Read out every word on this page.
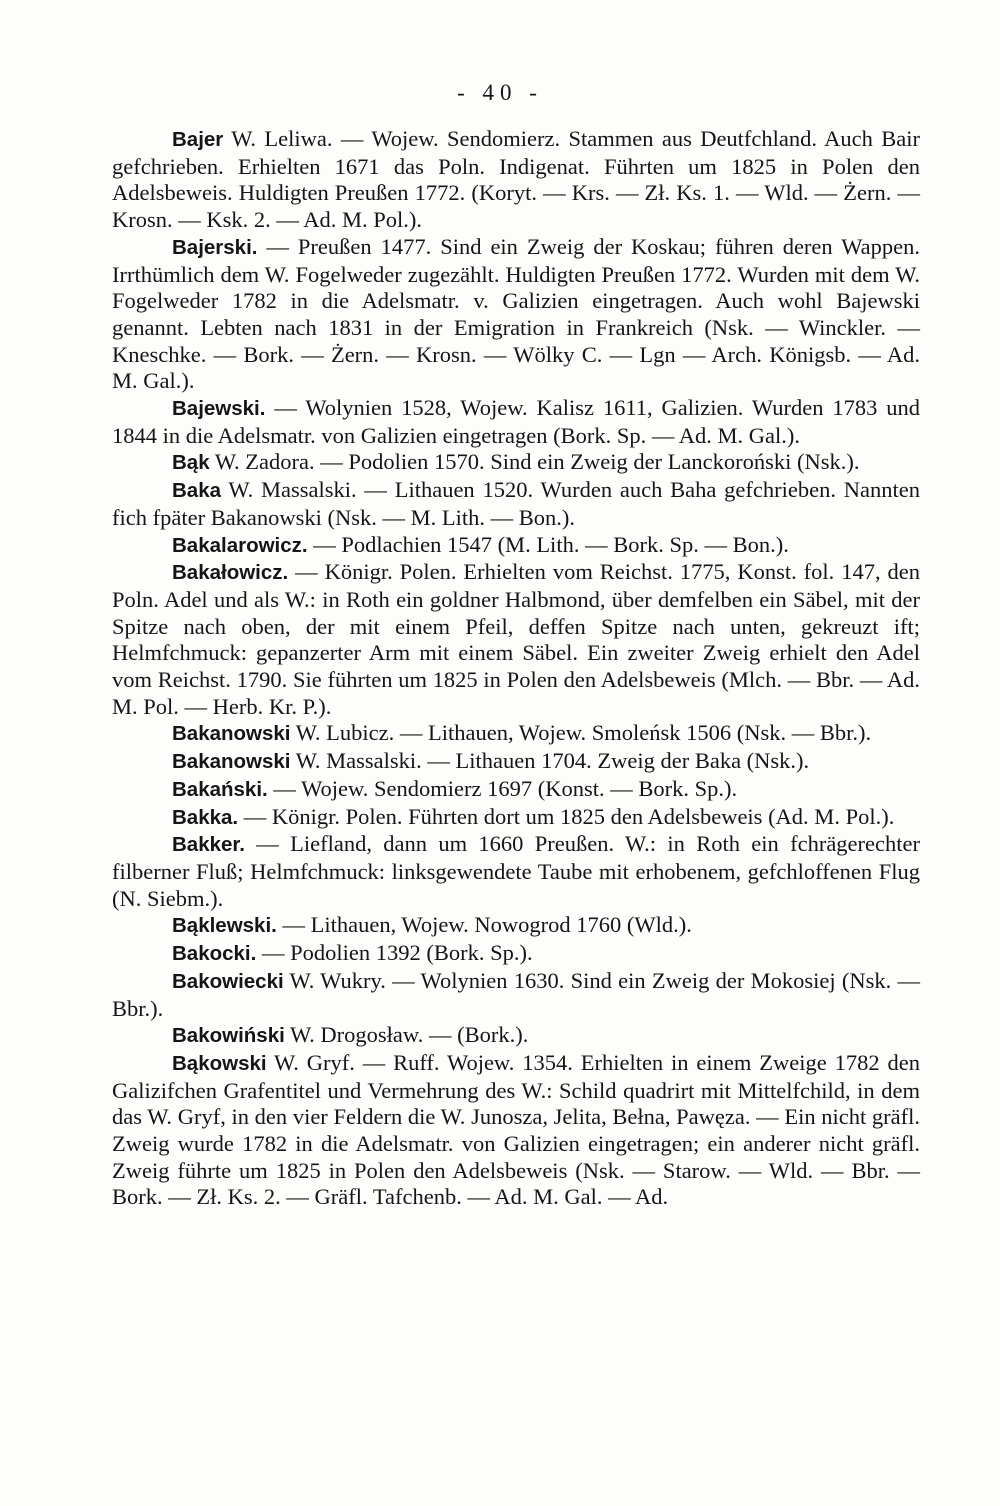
- 40 -

Bajer W. Leliwa. — Wojew. Sendomierz. Stammen aus Deutfchland. Auch Bair gefchrieben. Erhielten 1671 das Poln. Indigenat. Führten um 1825 in Polen den Adelsbeweis. Huldigten Preußen 1772. (Koryt. — Krs. — Zł. Ks. 1. — Wld. — Żern. — Krosn. — Ksk. 2. — Ad. M. Pol.).

Bajerski. — Preußen 1477. Sind ein Zweig der Koskau; führen deren Wappen. Irrthümlich dem W. Fogelweder zugezählt. Huldigten Preußen 1772. Wurden mit dem W. Fogelweder 1782 in die Adelsmatr. v. Galizien eingetragen. Auch wohl Bajewski genannt. Lebten nach 1831 in der Emigration in Frankreich (Nsk. — Winckler. — Kneschke. — Bork. — Żern. — Krosn. — Wölky C. — Lgn — Arch. Königsb. — Ad. M. Gal.).

Bajewski. — Wolynien 1528, Wojew. Kalisz 1611, Galizien. Wurden 1783 und 1844 in die Adelsmatr. von Galizien eingetragen (Bork. Sp. — Ad. M. Gal.).

Bąk W. Zadora. — Podolien 1570. Sind ein Zweig der Lanckoroński (Nsk.).

Baka W. Massalski. — Lithauen 1520. Wurden auch Baha gefchrieben. Nannten fich fpäter Bakanowski (Nsk. — M. Lith. — Bon.).

Bakalarowicz. — Podlachien 1547 (M. Lith. — Bork. Sp. — Bon.).

Bakałowicz. — Königr. Polen. Erhielten vom Reichst. 1775, Konst. fol. 147, den Poln. Adel und als W.: in Roth ein goldner Halbmond, über demfelben ein Säbel, mit der Spitze nach oben, der mit einem Pfeil, deffen Spitze nach unten, gekreuzt ift; Helmfchmuck: gepanzerter Arm mit einem Säbel. Ein zweiter Zweig erhielt den Adel vom Reichst. 1790. Sie führten um 1825 in Polen den Adelsbeweis (Mlch. — Bbr. — Ad. M. Pol. — Herb. Kr. P.).

Bakanowski W. Lubicz. — Lithauen, Wojew. Smoleńsk 1506 (Nsk. — Bbr.).

Bakanowski W. Massalski. — Lithauen 1704. Zweig der Baka (Nsk.).

Bakański. — Wojew. Sendomierz 1697 (Konst. — Bork. Sp.).

Bakka. — Königr. Polen. Führten dort um 1825 den Adelsbeweis (Ad. M. Pol.).

Bakker. — Liefland, dann um 1660 Preußen. W.: in Roth ein fchrägerechter filberner Fluß; Helmfchmuck: linksgewendete Taube mit erhobenem, gefchloffenen Flug (N. Siebm.).

Bąklewski. — Lithauen, Wojew. Nowogrod 1760 (Wld.).

Bakocki. — Podolien 1392 (Bork. Sp.).

Bakowiecki W. Wukry. — Wolynien 1630. Sind ein Zweig der Mokosiej (Nsk. — Bbr.).

Bakowiński W. Drogosław. — (Bork.).

Bąkowski W. Gryf. — Ruff. Wojew. 1354. Erhielten in einem Zweige 1782 den Galizifchen Grafentitel und Vermehrung des W.: Schild quadrirt mit Mittelfchild, in dem das W. Gryf, in den vier Feldern die W. Junosza, Jelita, Bełna, Pawęza. — Ein nicht gräfl. Zweig wurde 1782 in die Adelsmatr. von Galizien eingetragen; ein anderer nicht gräfl. Zweig führte um 1825 in Polen den Adelsbeweis (Nsk. — Starow. — Wld. — Bbr. — Bork. — Zł. Ks. 2. — Gräfl. Tafchenb. — Ad. M. Gal. — Ad.
